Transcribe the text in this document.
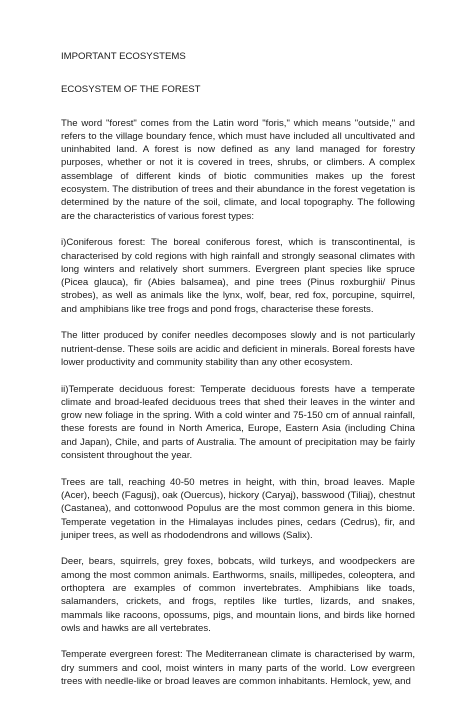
IMPORTANT ECOSYSTEMS

ECOSYSTEM OF THE FOREST

The word "forest" comes from the Latin word "foris," which means "outside," and refers to the village boundary fence, which must have included all uncultivated and uninhabited land. A forest is now defined as any land managed for forestry purposes, whether or not it is covered in trees, shrubs, or climbers. A complex assemblage of different kinds of biotic communities makes up the forest ecosystem. The distribution of trees and their abundance in the forest vegetation is determined by the nature of the soil, climate, and local topography. The following are the characteristics of various forest types:

i)Coniferous forest: The boreal coniferous forest, which is transcontinental, is characterised by cold regions with high rainfall and strongly seasonal climates with long winters and relatively short summers. Evergreen plant species like spruce (Picea glauca), fir (Abies balsamea), and pine trees (Pinus roxburghii/ Pinus strobes), as well as animals like the lynx, wolf, bear, red fox, porcupine, squirrel, and amphibians like tree frogs and pond frogs, characterise these forests.

The litter produced by conifer needles decomposes slowly and is not particularly nutrient-dense. These soils are acidic and deficient in minerals. Boreal forests have lower productivity and community stability than any other ecosystem.

ii)Temperate deciduous forest: Temperate deciduous forests have a temperate climate and broad-leafed deciduous trees that shed their leaves in the winter and grow new foliage in the spring. With a cold winter and 75-150 cm of annual rainfall, these forests are found in North America, Europe, Eastern Asia (including China and Japan), Chile, and parts of Australia. The amount of precipitation may be fairly consistent throughout the year.

Trees are tall, reaching 40-50 metres in height, with thin, broad leaves. Maple (Acer), beech (Fagusj), oak (Ouercus), hickory (Caryaj), basswood (Tiliaj), chestnut (Castanea), and cottonwood Populus are the most common genera in this biome. Temperate vegetation in the Himalayas includes pines, cedars (Cedrus), fir, and juniper trees, as well as rhododendrons and willows (Salix).

Deer, bears, squirrels, grey foxes, bobcats, wild turkeys, and woodpeckers are among the most common animals. Earthworms, snails, millipedes, coleoptera, and orthoptera are examples of common invertebrates. Amphibians like toads, salamanders, crickets, and frogs, reptiles like turtles, lizards, and snakes, mammals like racoons, opossums, pigs, and mountain lions, and birds like horned owls and hawks are all vertebrates.

Temperate evergreen forest: The Mediterranean climate is characterised by warm, dry summers and cool, moist winters in many parts of the world. Low evergreen trees with needle-like or broad leaves are common inhabitants. Hemlock, yew, and
